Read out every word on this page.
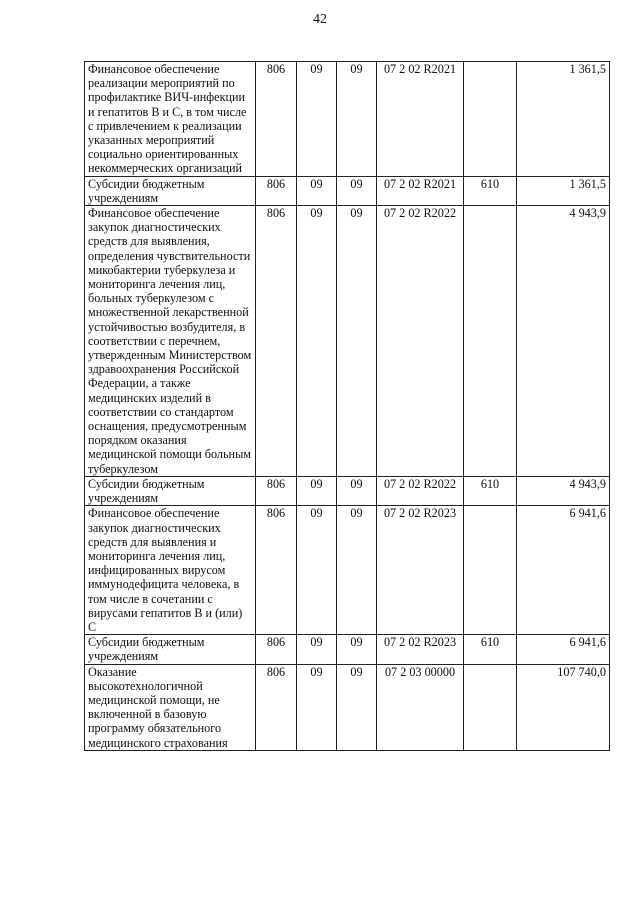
42
Финансовое обеспечение реализации мероприятий по профилактике ВИЧ-инфекции и гепатитов В и С, в том числе с привлечением к реализации указанных мероприятий социально ориентированных некоммерческих организаций	806	09	09	07 2 02 R2021		1 361,5
Субсидии бюджетным учреждениям	806	09	09	07 2 02 R2021	610	1 361,5
Финансовое обеспечение закупок диагностических средств для выявления, определения чувствительности микобактерии туберкулеза и мониторинга лечения лиц, больных туберкулезом с множественной лекарственной устойчивостью возбудителя, в соответствии с перечнем, утвержденным Министерством здравоохранения Российской Федерации, а также медицинских изделий в соответствии со стандартом оснащения, предусмотренным порядком оказания медицинской помощи больным туберкулезом	806	09	09	07 2 02 R2022		4 943,9
Субсидии бюджетным учреждениям	806	09	09	07 2 02 R2022	610	4 943,9
Финансовое обеспечение закупок диагностических средств для выявления и мониторинга лечения лиц, инфицированных вирусом иммунодефицита человека, в том числе в сочетании с вирусами гепатитов В и (или) С	806	09	09	07 2 02 R2023		6 941,6
Субсидии бюджетным учреждениям	806	09	09	07 2 02 R2023	610	6 941,6
Оказание высокотехнологичной медицинской помощи, не включенной в базовую программу обязательного медицинского страхования	806	09	09	07 2 03 00000		107 740,0
